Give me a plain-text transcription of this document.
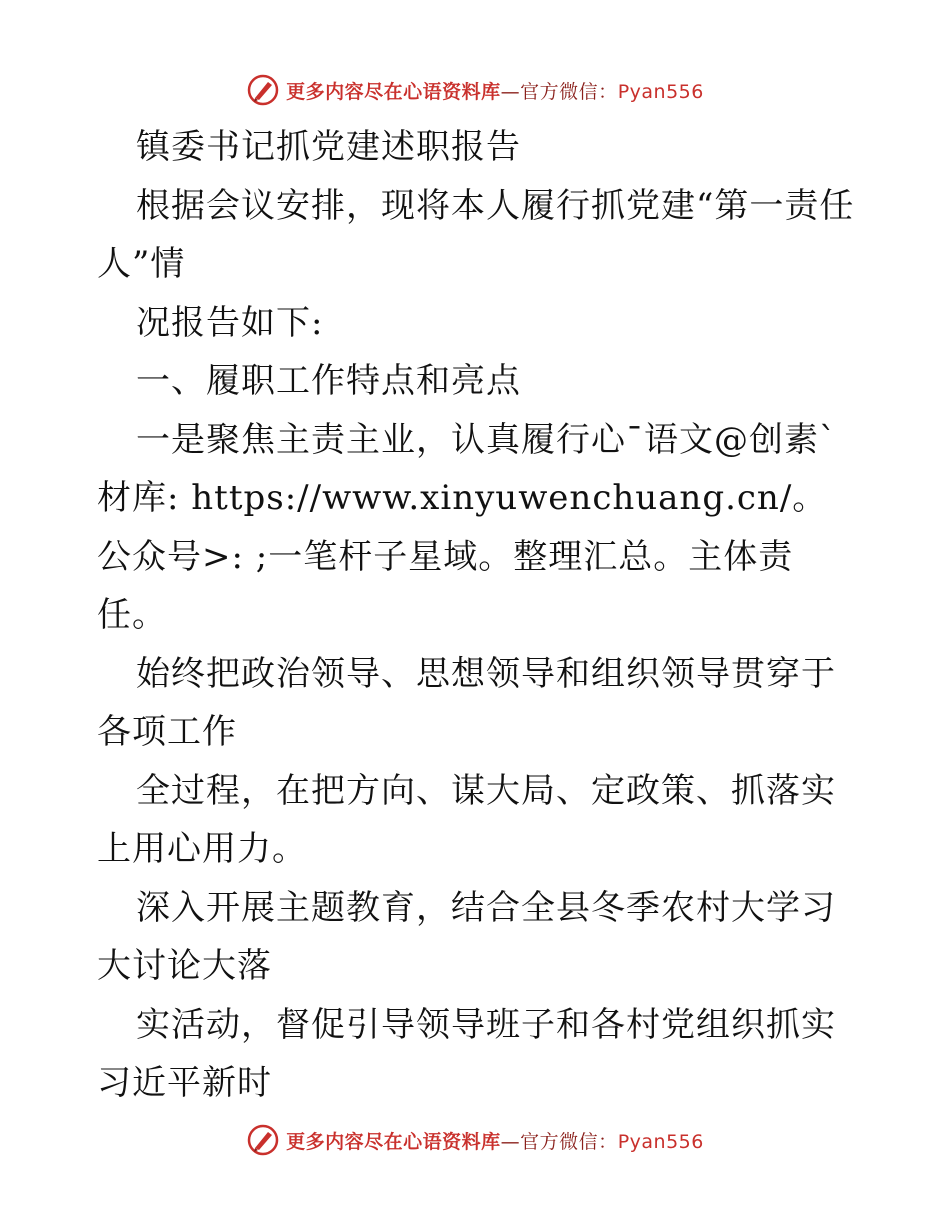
更多内容尽在心语资料库—官方微信：Pyan556

镇委书记抓党建述职报告

根据会议安排，现将本人履行抓党建“第一责任人”情

况报告如下:

一、履职工作特点和亮点

一是聚焦主责主业，认真履行心¯语文@创素`材库: https://www.xinyuwenchuang.cn/。公众号>: ;一笔杆子星域。整理汇总。主体责任。

始终把政治领导、思想领导和组织领导贯穿于各项工作

全过程，在把方向、谋大局、定政策、抓落实上用心用力。

深入开展主题教育，结合全县冬季农村大学习大讨论大落

实活动，督促引导领导班子和各村党组织抓实习近平新时

更多内容尽在心语资料库—官方微信：Pyan556
